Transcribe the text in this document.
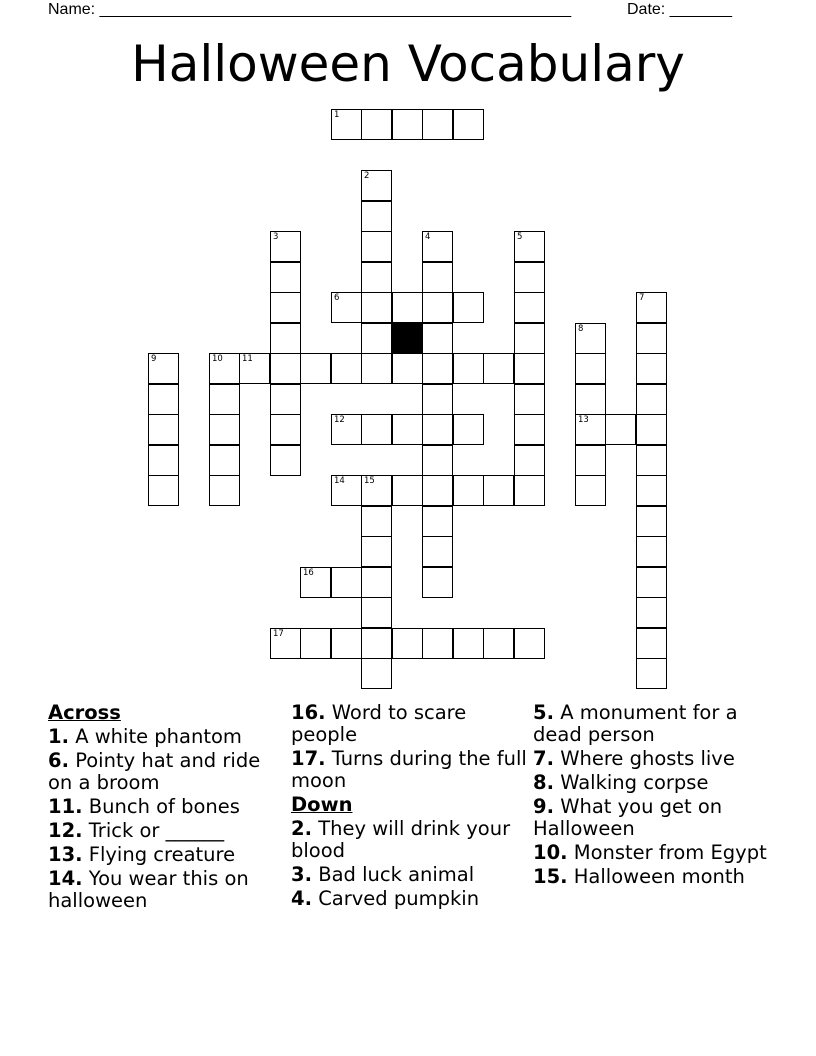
Name: _____________________________________________________	Date: _______
Halloween Vocabulary
1
6
11
12	13
14 15
16
17
2
3	4	5
7
8
9	10
Across
1. A white phantom
6. Pointy hat and ride on a broom
11. Bunch of bones
12. Trick or ______
13. Flying creature
14. You wear this on halloween
16. Word to scare people
17. Turns during the full moon
Down
2. They will drink your blood
3. Bad luck animal
4. Carved pumpkin
5. A monument for a dead person
7. Where ghosts live
8. Walking corpse
9. What you get on Halloween
10. Monster from Egypt
15. Halloween month
